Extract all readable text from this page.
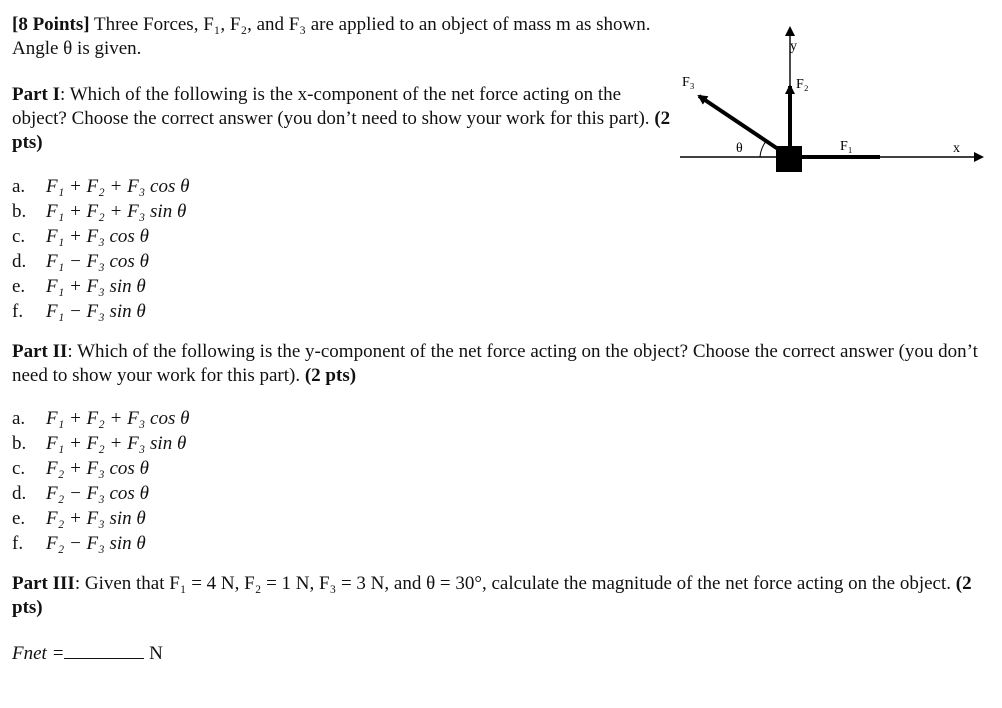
[8 Points] Three Forces, F₁, F₂, and F₃ are applied to an object of mass m as shown. Angle θ is given.
Part I: Which of the following is the x-component of the net force acting on the object? Choose the correct answer (you don’t need to show your work for this part). (2 pts)
a.	F₁ + F₂ + F₃ cos θ
b.	F₁ + F₂ + F₃ sin θ
c.	F₁ + F₃ cos θ
d.	F₁ − F₃ cos θ
e.	F₁ + F₃ sin θ
f.	F₁ − F₃ sin θ
Part II: Which of the following is the y-component of the net force acting on the object? Choose the correct answer (you don’t need to show your work for this part). (2 pts)
a.	F₁ + F₂ + F₃ cos θ
b.	F₁ + F₂ + F₃ sin θ
c.	F₂ + F₃ cos θ
d.	F₂ − F₃ cos θ
e.	F₂ + F₃ sin θ
f.	F₂ − F₃ sin θ
Part III: Given that F₁ = 4 N, F₂ = 1 N, F₃ = 3 N, and θ = 30°, calculate the magnitude of the net force acting on the object. (2 pts)
Fnet =	N
y
x
F₃	F₂
F₁
θ
